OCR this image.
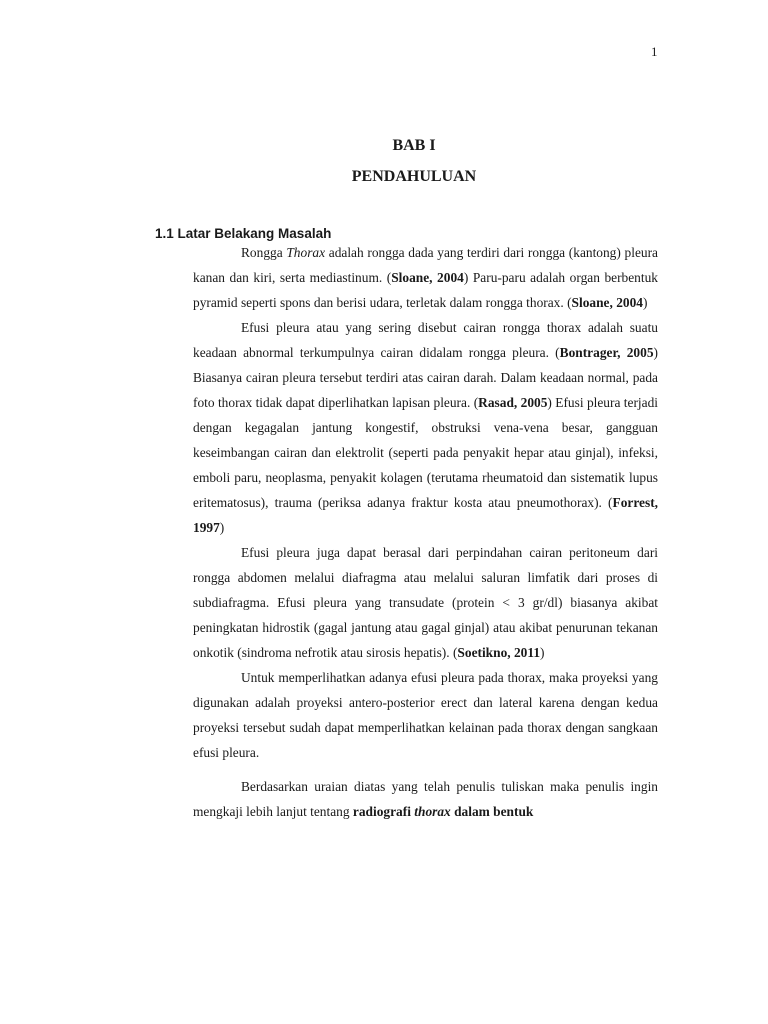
1
BAB I
PENDAHULUAN
1.1 Latar Belakang Masalah

Rongga Thorax adalah rongga dada yang terdiri dari rongga (kantong) pleura kanan dan kiri, serta mediastinum. (Sloane, 2004) Paru-paru adalah organ berbentuk pyramid seperti spons dan berisi udara, terletak dalam rongga thorax. (Sloane, 2004)

Efusi pleura atau yang sering disebut cairan rongga thorax adalah suatu keadaan abnormal terkumpulnya cairan didalam rongga pleura. (Bontrager, 2005) Biasanya cairan pleura tersebut terdiri atas cairan darah. Dalam keadaan normal, pada foto thorax tidak dapat diperlihatkan lapisan pleura. (Rasad, 2005) Efusi pleura terjadi dengan kegagalan jantung kongestif, obstruksi vena-vena besar, gangguan keseimbangan cairan dan elektrolit (seperti pada penyakit hepar atau ginjal), infeksi, emboli paru, neoplasma, penyakit kolagen (terutama rheumatoid dan sistematik lupus eritematosus), trauma (periksa adanya fraktur kosta atau pneumothorax). (Forrest, 1997)

Efusi pleura juga dapat berasal dari perpindahan cairan peritoneum dari rongga abdomen melalui diafragma atau melalui saluran limfatik dari proses di subdiafragma. Efusi pleura yang transudate (protein < 3 gr/dl) biasanya akibat peningkatan hidrostik (gagal jantung atau gagal ginjal) atau akibat penurunan tekanan onkotik (sindroma nefrotik atau sirosis hepatis). (Soetikno, 2011)

Untuk memperlihatkan adanya efusi pleura pada thorax, maka proyeksi yang digunakan adalah proyeksi antero-posterior erect dan lateral karena dengan kedua proyeksi tersebut sudah dapat memperlihatkan kelainan pada thorax dengan sangkaan efusi pleura.

Berdasarkan uraian diatas yang telah penulis tuliskan maka penulis ingin mengkaji lebih lanjut tentang radiografi thorax dalam bentuk
